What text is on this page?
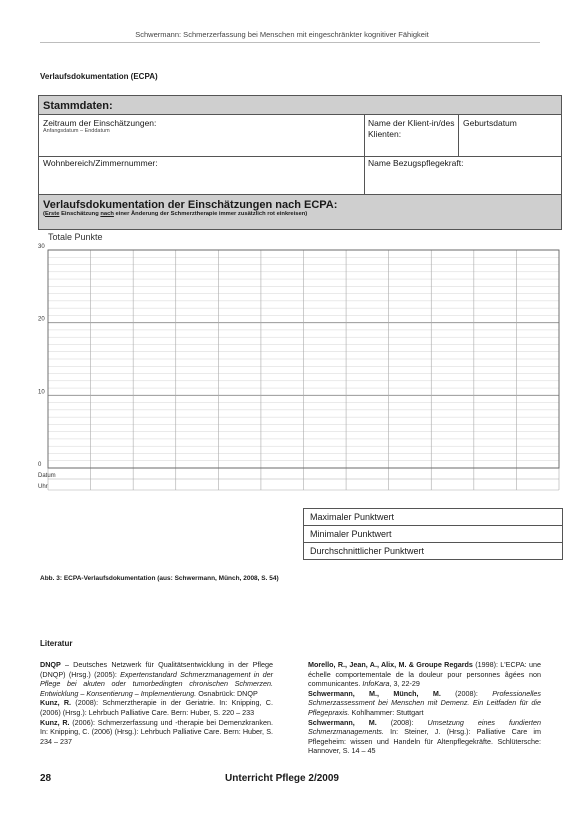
Schwermann: Schmerzerfassung bei Menschen mit eingeschränkter kognitiver Fähigkeit
Verlaufsdokumentation (ECPA)
Stammdaten:
Zeitraum der Einschätzungen:
Anfangsdatum – Enddatum
Name der Klient-in/des Klienten:
Geburtsdatum
Wohnbereich/Zimmernummer:	Name Bezugspflegekraft:
Verlaufsdokumentation der Einschätzungen nach ECPA:
(Erste Einschätzung nach einer Änderung der Schmerztherapie immer zusätzlich rot einkreisen)
Totale Punkte
0
10
20
30
Datum
Uhr
Maximaler Punktwert
Minimaler Punktwert
Durchschnittlicher Punktwert
Abb. 3: ECPA-Verlaufsdokumentation (aus: Schwermann, Münch, 2008, S. 54)
Literatur

DNQP – Deutsches Netzwerk für Qualitätsentwicklung in der Pflege (DNQP) (Hrsg.) (2005): Expertenstandard Schmerzmanagement in der Pflege bei akuten oder tumorbedingten chronischen Schmerzen. Entwicklung – Konsentierung – Implementierung. Osnabrück: DNQP

Kunz, R. (2008): Schmerztherapie in der Geriatrie. In: Knipping, C. (2006) (Hrsg.): Lehrbuch Palliative Care. Bern: Huber, S. 220 – 233

Kunz, R. (2006): Schmerzerfassung und -therapie bei Demenzkranken. In: Knipping, C. (2006) (Hrsg.): Lehrbuch Palliative Care. Bern: Huber, S. 234 – 237

Morello, R., Jean, A., Alix, M. & Groupe Regards (1998): L'ECPA: une échelle comportementale de la douleur pour personnes âgées non communicantes. InfoKara, 3, 22-29

Schwermann, M., Münch, M. (2008): Professionelles Schmerzassessment bei Menschen mit Demenz. Ein Leitfaden für die Pflegepraxis. Kohlhammer: Stuttgart

Schwermann, M. (2008): Umsetzung eines fundierten Schmerzmanagements. In: Steiner, J. (Hrsg.): Palliative Care im Pflegeheim: wissen und Handeln für Altenpflegekräfte. Schlütersche: Hannover, S. 14 – 45

28	Unterricht Pflege 2/2009
